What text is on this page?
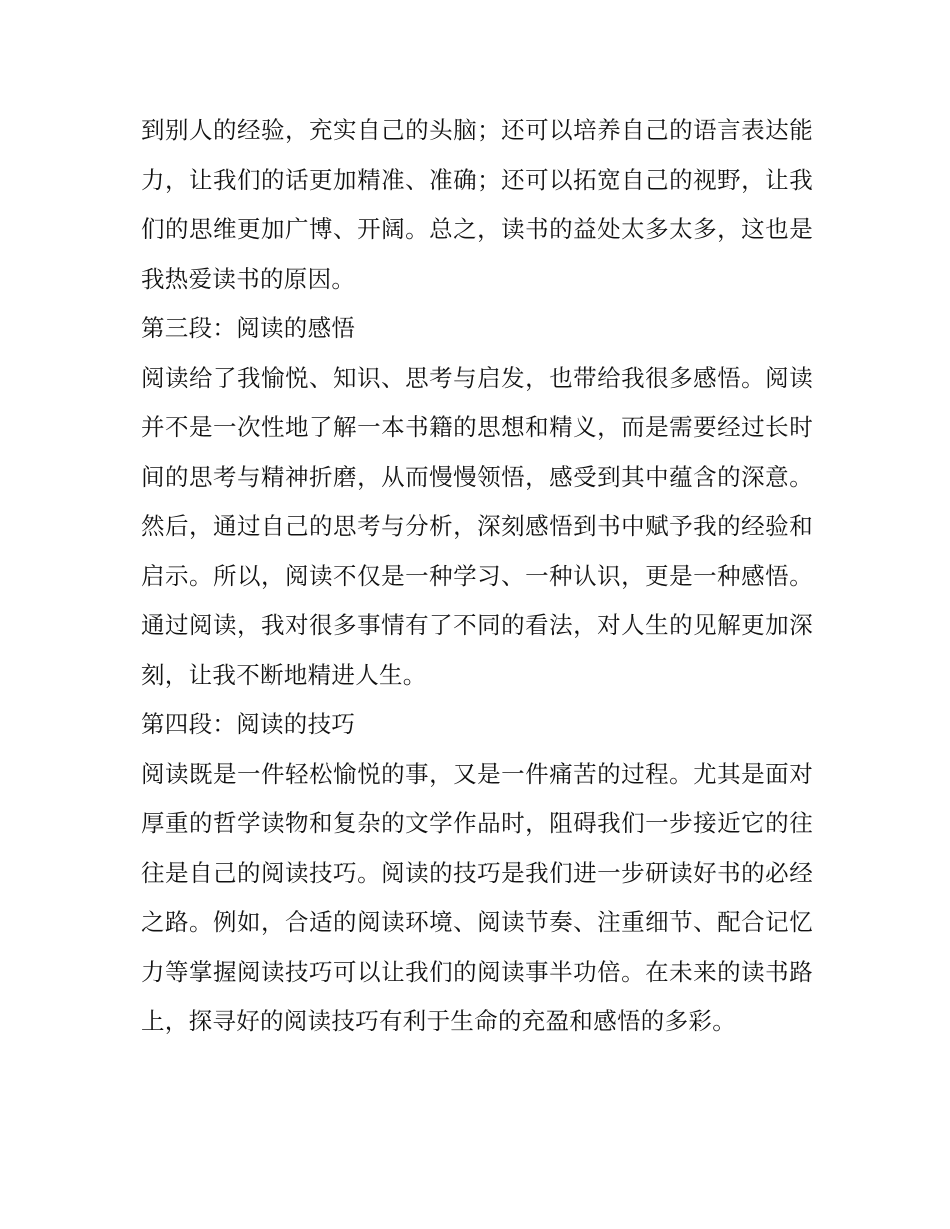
到别人的经验，充实自己的头脑；还可以培养自己的语言表达能力，让我们的话更加精准、准确；还可以拓宽自己的视野，让我们的思维更加广博、开阔。总之，读书的益处太多太多，这也是我热爱读书的原因。

第三段：阅读的感悟

阅读给了我愉悦、知识、思考与启发，也带给我很多感悟。阅读并不是一次性地了解一本书籍的思想和精义，而是需要经过长时间的思考与精神折磨，从而慢慢领悟，感受到其中蕴含的深意。然后，通过自己的思考与分析，深刻感悟到书中赋予我的经验和启示。所以，阅读不仅是一种学习、一种认识，更是一种感悟。通过阅读，我对很多事情有了不同的看法，对人生的见解更加深刻，让我不断地精进人生。

第四段：阅读的技巧

阅读既是一件轻松愉悦的事，又是一件痛苦的过程。尤其是面对厚重的哲学读物和复杂的文学作品时，阻碍我们一步接近它的往往是自己的阅读技巧。阅读的技巧是我们进一步研读好书的必经之路。例如，合适的阅读环境、阅读节奏、注重细节、配合记忆力等掌握阅读技巧可以让我们的阅读事半功倍。在未来的读书路上，探寻好的阅读技巧有利于生命的充盈和感悟的多彩。
